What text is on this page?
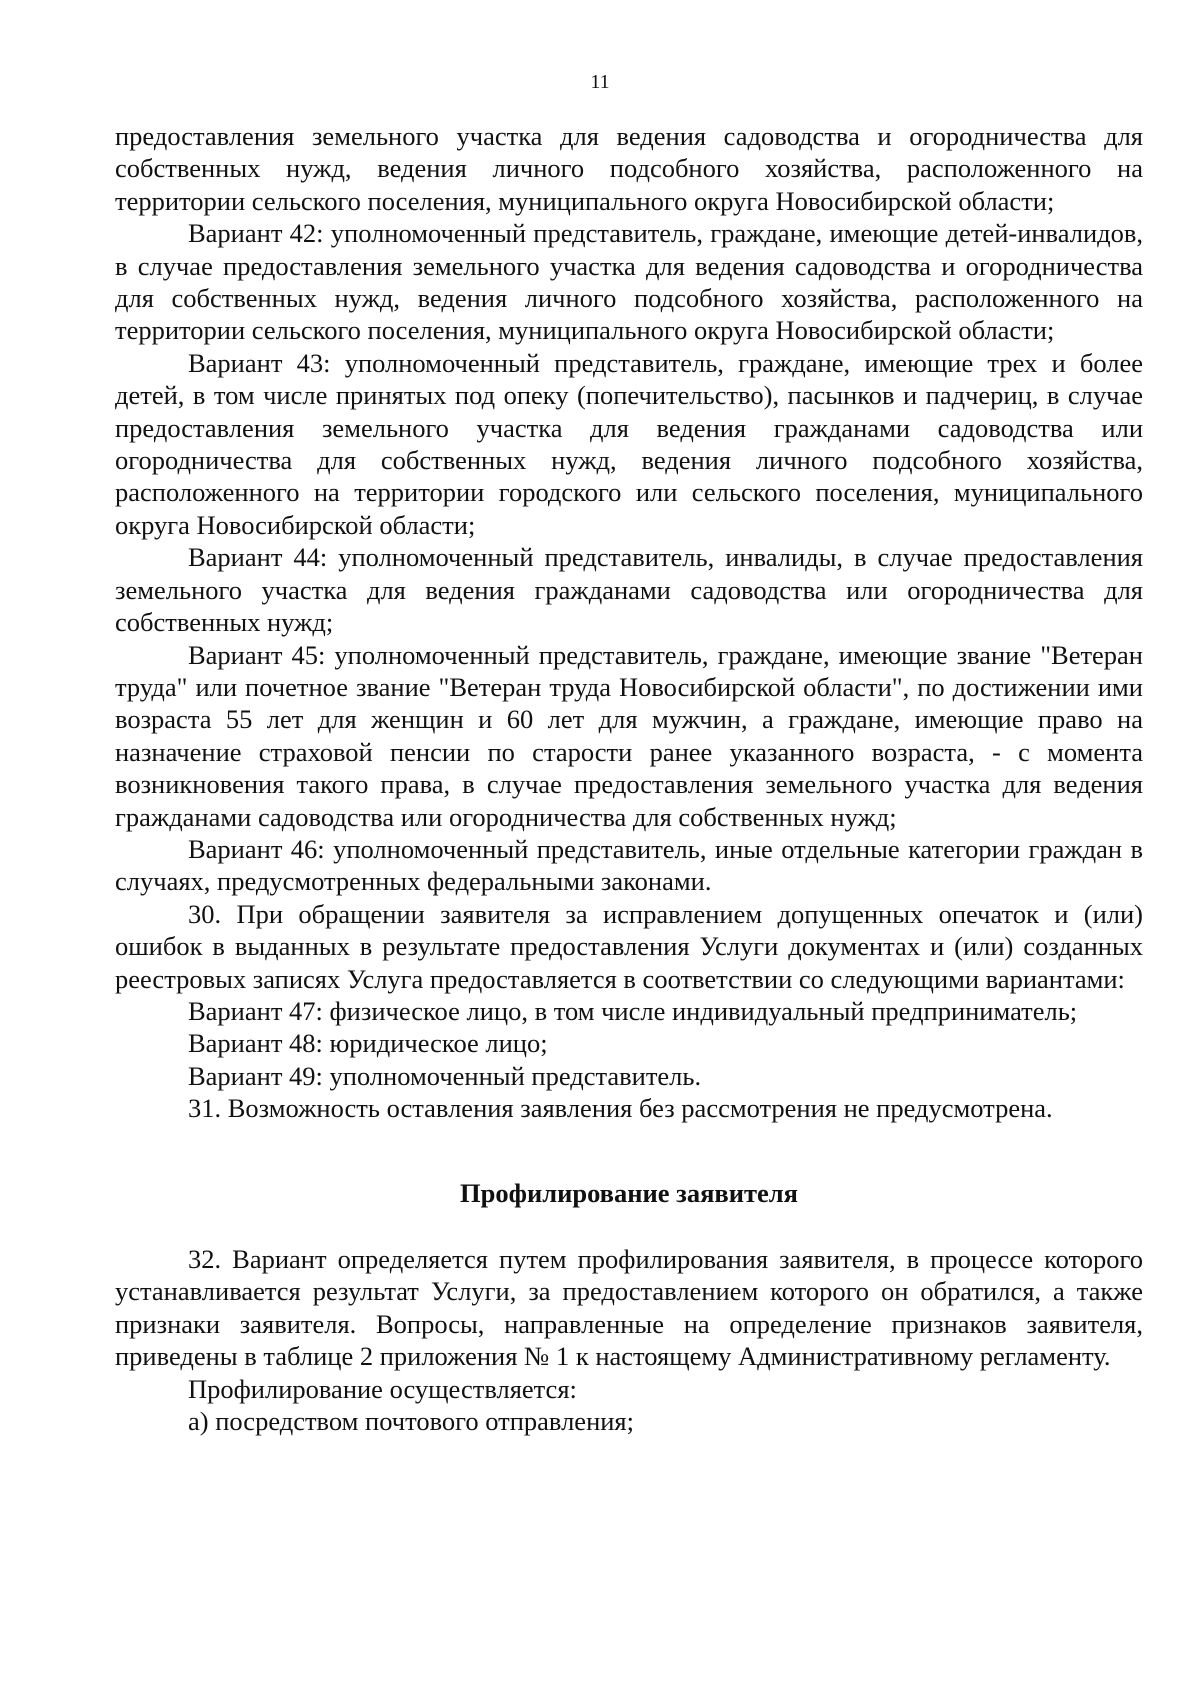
11

предоставления земельного участка для ведения садоводства и огородничества для собственных нужд, ведения личного подсобного хозяйства, расположенного на территории сельского поселения, муниципального округа Новосибирской области;

Вариант 42: уполномоченный представитель, граждане, имеющие детей-инвалидов, в случае предоставления земельного участка для ведения садоводства и огородничества для собственных нужд, ведения личного подсобного хозяйства, расположенного на территории сельского поселения, муниципального округа Новосибирской области;

Вариант 43: уполномоченный представитель, граждане, имеющие трех и более детей, в том числе принятых под опеку (попечительство), пасынков и падчериц, в случае предоставления земельного участка для ведения гражданами садоводства или огородничества для собственных нужд, ведения личного подсобного хозяйства, расположенного на территории городского или сельского поселения, муниципального округа Новосибирской области;

Вариант 44: уполномоченный представитель, инвалиды, в случае предоставления земельного участка для ведения гражданами садоводства или огородничества для собственных нужд;

Вариант 45: уполномоченный представитель, граждане, имеющие звание "Ветеран труда" или почетное звание "Ветеран труда Новосибирской области", по достижении ими возраста 55 лет для женщин и 60 лет для мужчин, а граждане, имеющие право на назначение страховой пенсии по старости ранее указанного возраста, - с момента возникновения такого права, в случае предоставления земельного участка для ведения гражданами садоводства или огородничества для собственных нужд;

Вариант 46: уполномоченный представитель, иные отдельные категории граждан в случаях, предусмотренных федеральными законами.

30. При обращении заявителя за исправлением допущенных опечаток и (или) ошибок в выданных в результате предоставления Услуги документах и (или) созданных реестровых записях Услуга предоставляется в соответствии со следующими вариантами:

Вариант 47: физическое лицо, в том числе индивидуальный предприниматель;

Вариант 48: юридическое лицо;

Вариант 49: уполномоченный представитель.

31. Возможность оставления заявления без рассмотрения не предусмотрена.

Профилирование заявителя

32. Вариант определяется путем профилирования заявителя, в процессе которого устанавливается результат Услуги, за предоставлением которого он обратился, а также признаки заявителя. Вопросы, направленные на определение признаков заявителя, приведены в таблице 2 приложения № 1 к настоящему Административному регламенту.

Профилирование осуществляется:

а) посредством почтового отправления;
